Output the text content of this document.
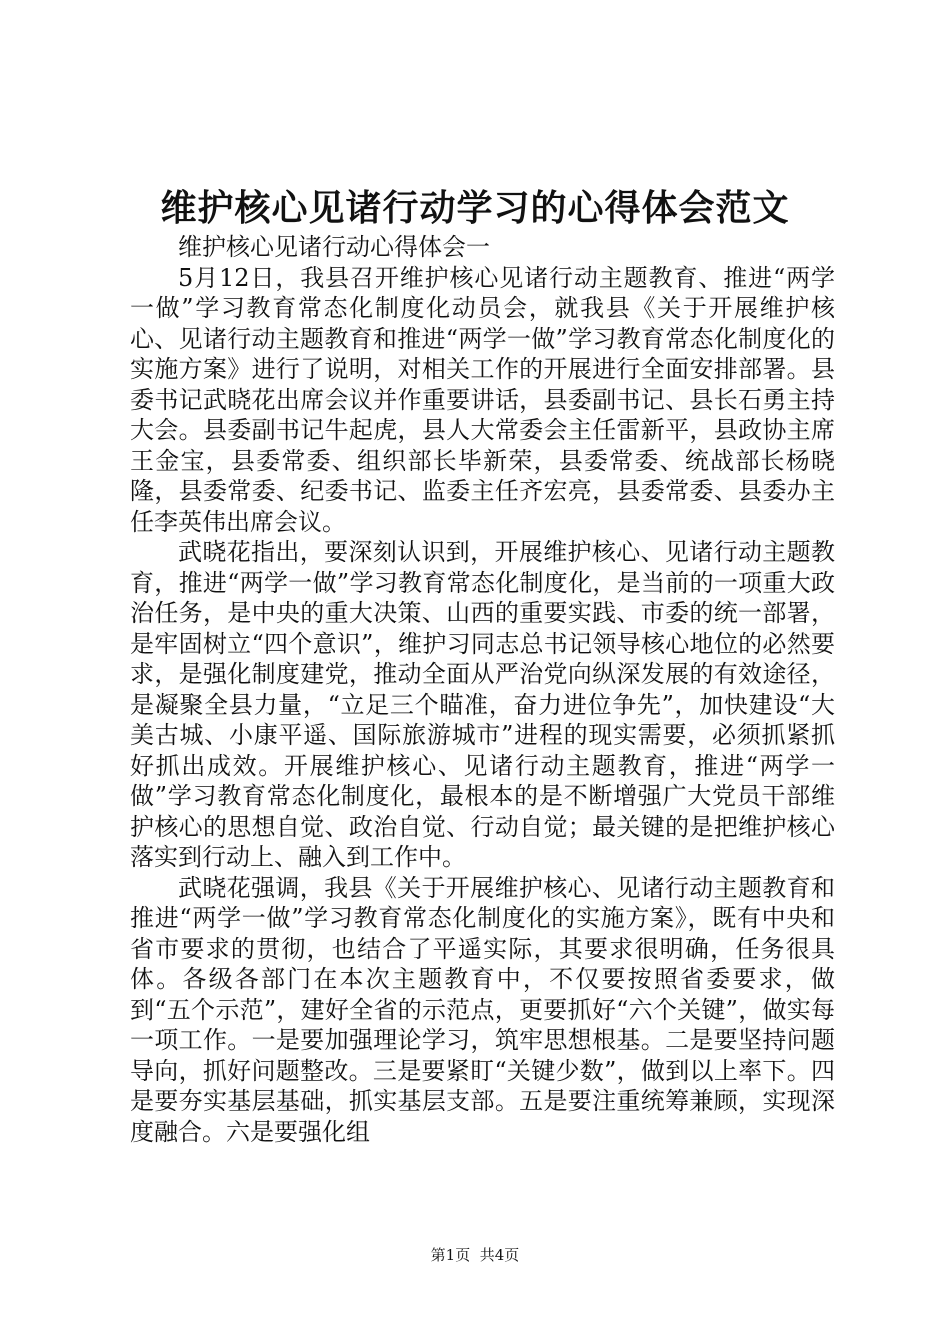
维护核心见诸行动学习的心得体会范文

维护核心见诸行动心得体会一

5月12日，我县召开维护核心见诸行动主题教育、推进“两学一做”学习教育常态化制度化动员会，就我县《关于开展维护核心、见诸行动主题教育和推进“两学一做”学习教育常态化制度化的实施方案》进行了说明，对相关工作的开展进行全面安排部署。县委书记武晓花出席会议并作重要讲话，县委副书记、县长石勇主持大会。县委副书记牛起虎，县人大常委会主任雷新平，县政协主席王金宝，县委常委、组织部长毕新荣，县委常委、统战部长杨晓隆，县委常委、纪委书记、监委主任齐宏亮，县委常委、县委办主任李英伟出席会议。

武晓花指出，要深刻认识到，开展维护核心、见诸行动主题教育，推进“两学一做”学习教育常态化制度化，是当前的一项重大政治任务，是中央的重大决策、山西的重要实践、市委的统一部署，是牢固树立“四个意识”，维护习同志总书记领导核心地位的必然要求，是强化制度建党，推动全面从严治党向纵深发展的有效途径，是凝聚全县力量，“立足三个瞄准，奋力进位争先”，加快建设“大美古城、小康平遥、国际旅游城市”进程的现实需要，必须抓紧抓好抓出成效。开展维护核心、见诸行动主题教育，推进“两学一做”学习教育常态化制度化，最根本的是不断增强广大党员干部维护核心的思想自觉、政治自觉、行动自觉；最关键的是把维护核心落实到行动上、融入到工作中。

武晓花强调，我县《关于开展维护核心、见诸行动主题教育和推进“两学一做”学习教育常态化制度化的实施方案》，既有中央和省市要求的贯彻，也结合了平遥实际，其要求很明确，任务很具体。各级各部门在本次主题教育中，不仅要按照省委要求，做到“五个示范”，建好全省的示范点，更要抓好“六个关键”，做实每一项工作。一是要加强理论学习，筑牢思想根基。二是要坚持问题导向，抓好问题整改。三是要紧盯“关键少数”，做到以上率下。四是要夯实基层基础，抓实基层支部。五是要注重统筹兼顾，实现深度融合。六是要强化组

第1页 共4页
